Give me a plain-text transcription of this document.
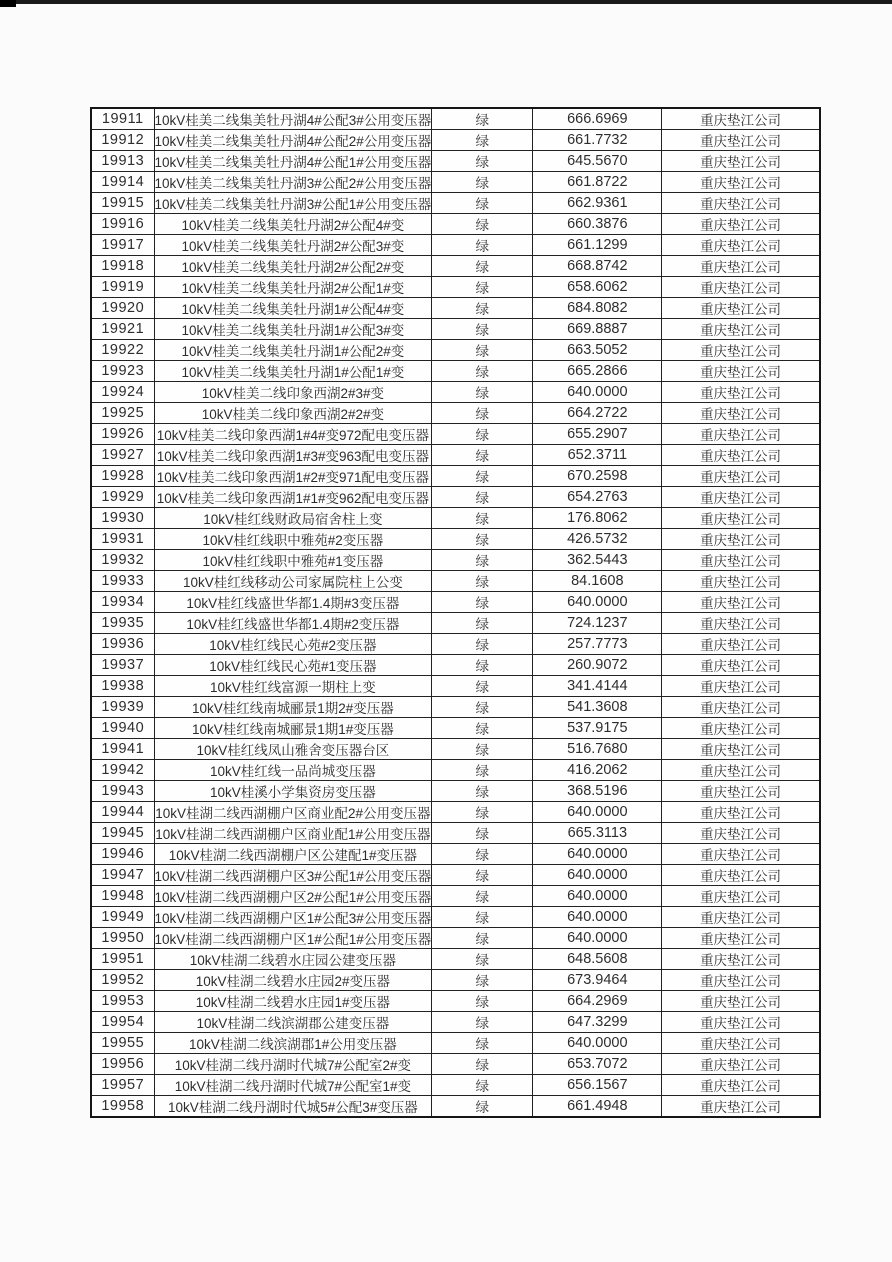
19911	10kV桂美二线集美牡丹湖4#公配3#公用变压器	绿	666.6969	重庆垫江公司
19912	10kV桂美二线集美牡丹湖4#公配2#公用变压器	绿	661.7732	重庆垫江公司
19913	10kV桂美二线集美牡丹湖4#公配1#公用变压器	绿	645.5670	重庆垫江公司
19914	10kV桂美二线集美牡丹湖3#公配2#公用变压器	绿	661.8722	重庆垫江公司
19915	10kV桂美二线集美牡丹湖3#公配1#公用变压器	绿	662.9361	重庆垫江公司
19916	10kV桂美二线集美牡丹湖2#公配4#变	绿	660.3876	重庆垫江公司
19917	10kV桂美二线集美牡丹湖2#公配3#变	绿	661.1299	重庆垫江公司
19918	10kV桂美二线集美牡丹湖2#公配2#变	绿	668.8742	重庆垫江公司
19919	10kV桂美二线集美牡丹湖2#公配1#变	绿	658.6062	重庆垫江公司
19920	10kV桂美二线集美牡丹湖1#公配4#变	绿	684.8082	重庆垫江公司
19921	10kV桂美二线集美牡丹湖1#公配3#变	绿	669.8887	重庆垫江公司
19922	10kV桂美二线集美牡丹湖1#公配2#变	绿	663.5052	重庆垫江公司
19923	10kV桂美二线集美牡丹湖1#公配1#变	绿	665.2866	重庆垫江公司
19924	10kV桂美二线印象西湖2#3#变	绿	640.0000	重庆垫江公司
19925	10kV桂美二线印象西湖2#2#变	绿	664.2722	重庆垫江公司
19926	10kV桂美二线印象西湖1#4#变972配电变压器	绿	655.2907	重庆垫江公司
19927	10kV桂美二线印象西湖1#3#变963配电变压器	绿	652.3711	重庆垫江公司
19928	10kV桂美二线印象西湖1#2#变971配电变压器	绿	670.2598	重庆垫江公司
19929	10kV桂美二线印象西湖1#1#变962配电变压器	绿	654.2763	重庆垫江公司
19930	10kV桂红线财政局宿舍柱上变	绿	176.8062	重庆垫江公司
19931	10kV桂红线职中雅苑#2变压器	绿	426.5732	重庆垫江公司
19932	10kV桂红线职中雅苑#1变压器	绿	362.5443	重庆垫江公司
19933	10kV桂红线移动公司家属院柱上公变	绿	84.1608	重庆垫江公司
19934	10kV桂红线盛世华都1.4期#3变压器	绿	640.0000	重庆垫江公司
19935	10kV桂红线盛世华都1.4期#2变压器	绿	724.1237	重庆垫江公司
19936	10kV桂红线民心苑#2变压器	绿	257.7773	重庆垫江公司
19937	10kV桂红线民心苑#1变压器	绿	260.9072	重庆垫江公司
19938	10kV桂红线富源一期柱上变	绿	341.4144	重庆垫江公司
19939	10kV桂红线南城郦景1期2#变压器	绿	541.3608	重庆垫江公司
19940	10kV桂红线南城郦景1期1#变压器	绿	537.9175	重庆垫江公司
19941	10kV桂红线凤山雅舍变压器台区	绿	516.7680	重庆垫江公司
19942	10kV桂红线一品尚城变压器	绿	416.2062	重庆垫江公司
19943	10kV桂溪小学集资房变压器	绿	368.5196	重庆垫江公司
19944	10kV桂湖二线西湖棚户区商业配2#公用变压器	绿	640.0000	重庆垫江公司
19945	10kV桂湖二线西湖棚户区商业配1#公用变压器	绿	665.3113	重庆垫江公司
19946	10kV桂湖二线西湖棚户区公建配1#变压器	绿	640.0000	重庆垫江公司
19947	10kV桂湖二线西湖棚户区3#公配1#公用变压器	绿	640.0000	重庆垫江公司
19948	10kV桂湖二线西湖棚户区2#公配1#公用变压器	绿	640.0000	重庆垫江公司
19949	10kV桂湖二线西湖棚户区1#公配3#公用变压器	绿	640.0000	重庆垫江公司
19950	10kV桂湖二线西湖棚户区1#公配1#公用变压器	绿	640.0000	重庆垫江公司
19951	10kV桂湖二线碧水庄园公建变压器	绿	648.5608	重庆垫江公司
19952	10kV桂湖二线碧水庄园2#变压器	绿	673.9464	重庆垫江公司
19953	10kV桂湖二线碧水庄园1#变压器	绿	664.2969	重庆垫江公司
19954	10kV桂湖二线滨湖郡公建变压器	绿	647.3299	重庆垫江公司
19955	10kV桂湖二线滨湖郡1#公用变压器	绿	640.0000	重庆垫江公司
19956	10kV桂湖二线丹湖时代城7#公配室2#变	绿	653.7072	重庆垫江公司
19957	10kV桂湖二线丹湖时代城7#公配室1#变	绿	656.1567	重庆垫江公司
19958	10kV桂湖二线丹湖时代城5#公配3#变压器	绿	661.4948	重庆垫江公司
